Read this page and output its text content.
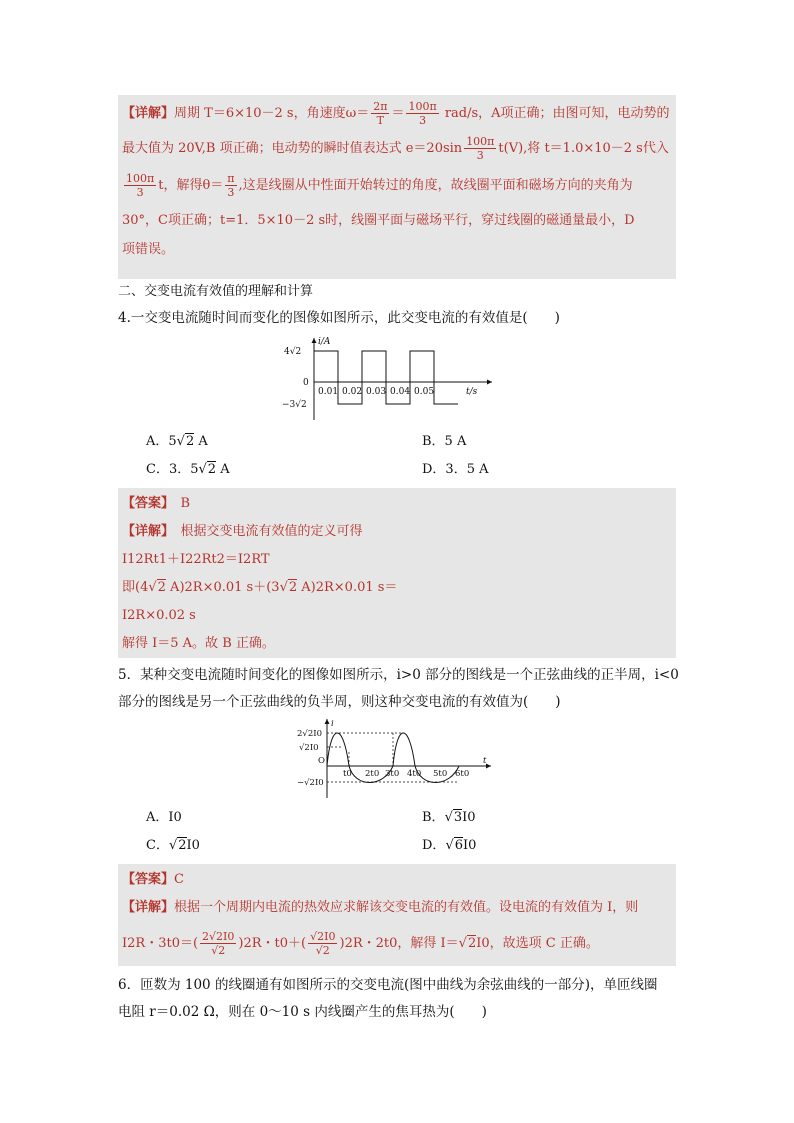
【详解】周期 T＝6×10－2 s，角速度$\omega= \frac{2\pi}{T} = \frac{100\pi}{3} rad/s$，A项正确；由图可知，电动势的
最大值为 20V,B 项正确；电动势的瞬时值表达式 $e=20\sin \frac{100\pi}{3} t(V)$,将 t＝1.0×10－2 s代入
$\frac{100\pi}{3}$ t，解得$\theta= \frac{\pi}{3}$ ,这是线圈从中性面开始转过的角度，故线圈平面和磁场方向的夹角为
30°，C项正确；t=1．5×10－2 s时，线圈平面与磁场平行，穿过线圈的磁通量最小，D
项错误。
二、交变电流有效值的理解和计算
4.一交变电流随时间而变化的图像如图所示，此交变电流的有效值是(　　)
i/A
4√2
0
−3√2
0.01 0.02 0.03 0.04 0.05	t/s
A．5√2 A	B．5 A
C．3．5√2 A	D．3．5 A
【答案】　B
【详解】　根据交变电流有效值的定义可得
I12Rt1＋I22Rt2＝I2RT
即(4√2 A)2R×0.01 s＋(3√2 A)2R×0.01 s＝
I2R×0.02 s
解得 I＝5 A。故 B 正确。
5．某种交变电流随时间变化的图像如图所示，i>0 部分的图线是一个正弦曲线的正半周，i<0
部分的图线是另一个正弦曲线的负半周，则这种交变电流的有效值为(　　)
i
2√2I0
√2I0
O
−√2I0
t0 2t0 3t0 4t0 5t0 6t0
t
A．I0	B．√3I0
C．√2I0	D．√6I0
【答案】C
【详解】根据一个周期内电流的热效应求解该交变电流的有效值。设电流的有效值为 I，则
I2R・$3t0=( \frac{2√2I0}{√2} )2R$・$t0+( \frac{√2I0}{√2} )2R$・2t0，解得 I＝√2I0，故选项 C 正确。
6．匝数为 100 的线圈通有如图所示的交变电流(图中曲线为余弦曲线的一部分)，单匝线圈
电阻 r＝0.02 Ω，则在 0～10 s 内线圈产生的焦耳热为(　　)
